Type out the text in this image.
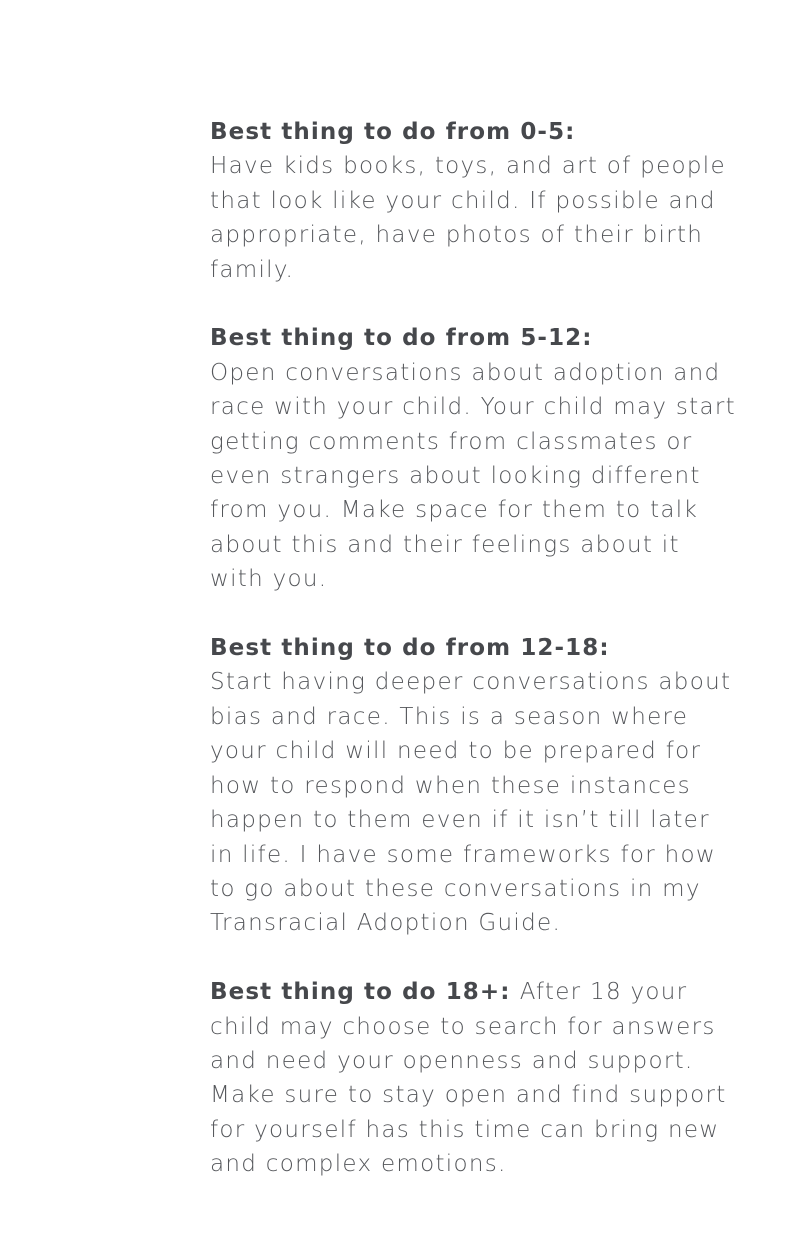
Best thing to do from 0-5:
Have kids books, toys, and art of people that look like your child. If possible and appropriate, have photos of their birth family.

Best thing to do from 5-12:
Open conversations about adoption and race with your child. Your child may start getting comments from classmates or even strangers about looking different from you. Make space for them to talk about this and their feelings about it with you.

Best thing to do from 12-18:
Start having deeper conversations about bias and race. This is a season where your child will need to be prepared for how to respond when these instances happen to them even if it isn’t till later in life. I have some frameworks for how to go about these conversations in my Transracial Adoption Guide.

Best thing to do 18+: After 18 your child may choose to search for answers and need your openness and support. Make sure to stay open and find support for yourself has this time can bring new and complex emotions.
